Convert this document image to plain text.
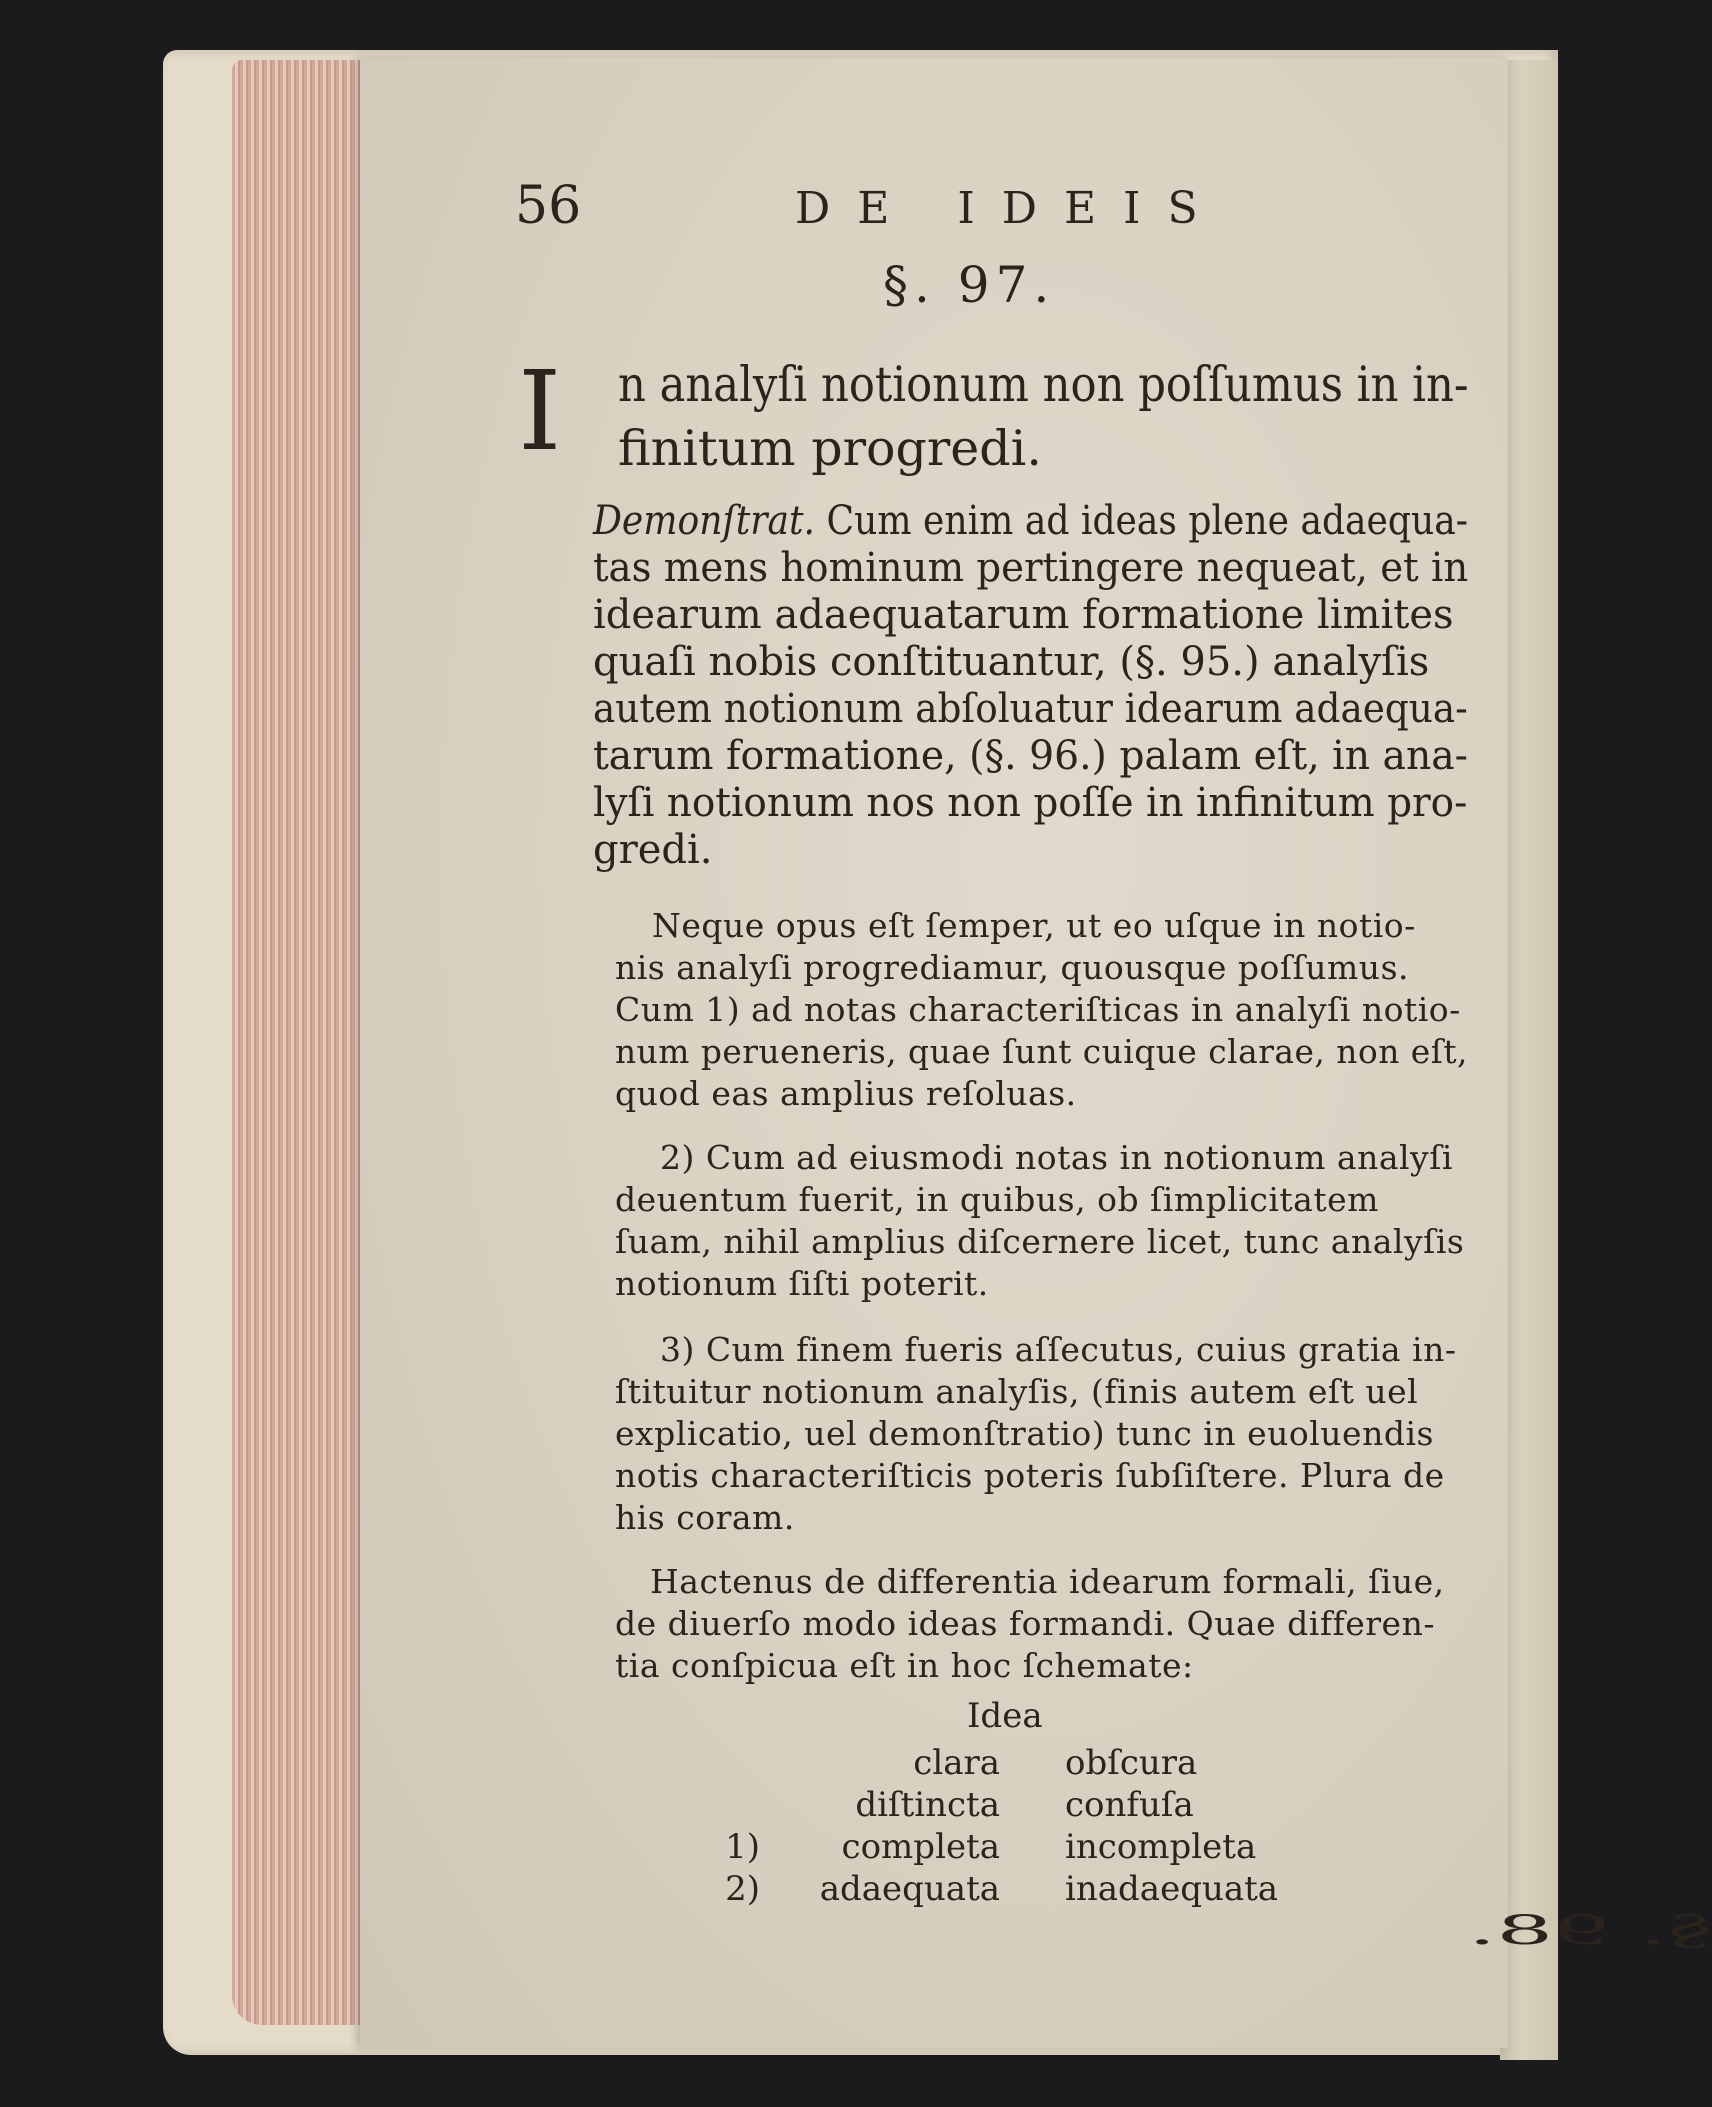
56	DE IDEIS
§. 97.
I n analyſi notionum non poſſumus in in-
finitum progredi.
Demonſtrat. Cum enim ad ideas plene adaequa-
tas mens hominum pertingere nequeat, et in
idearum adaequatarum formatione limites
quaſi nobis conſtituantur, (§. 95.) analyſis
autem notionum abſoluatur idearum adaequa-
tarum formatione, (§. 96.) palam eſt, in ana-
lyſi notionum nos non poſſe in infinitum pro-
gredi.
Neque opus eſt ſemper, ut eo uſque in notio-
nis analyſi progrediamur, quousque poſſumus.
Cum 1) ad notas characteriſticas in analyſi notio-
num perueneris, quae ſunt cuique clarae, non eſt,
quod eas amplius reſoluas.
2) Cum ad eiusmodi notas in notionum analyſi
deuentum fuerit, in quibus, ob ſimplicitatem
ſuam, nihil amplius diſcernere licet, tunc analyſis
notionum ſiſti poterit.
3) Cum finem fueris aſſecutus, cuius gratia in-
ſtituitur notionum analyſis, (finis autem eſt uel
explicatio, uel demonſtratio) tunc in euoluendis
notis characteriſticis poteris ſubſiſtere. Plura de
his coram.
Hactenus de differentia idearum formali, ſiue,
de diuerſo modo ideas formandi. Quae differen-
tia conſpicua eſt in hoc ſchemate:
Idea
clara obſcura
diſtincta confuſa
1)	completa incompleta
2)	adaequata inadaequata
§. 98.
